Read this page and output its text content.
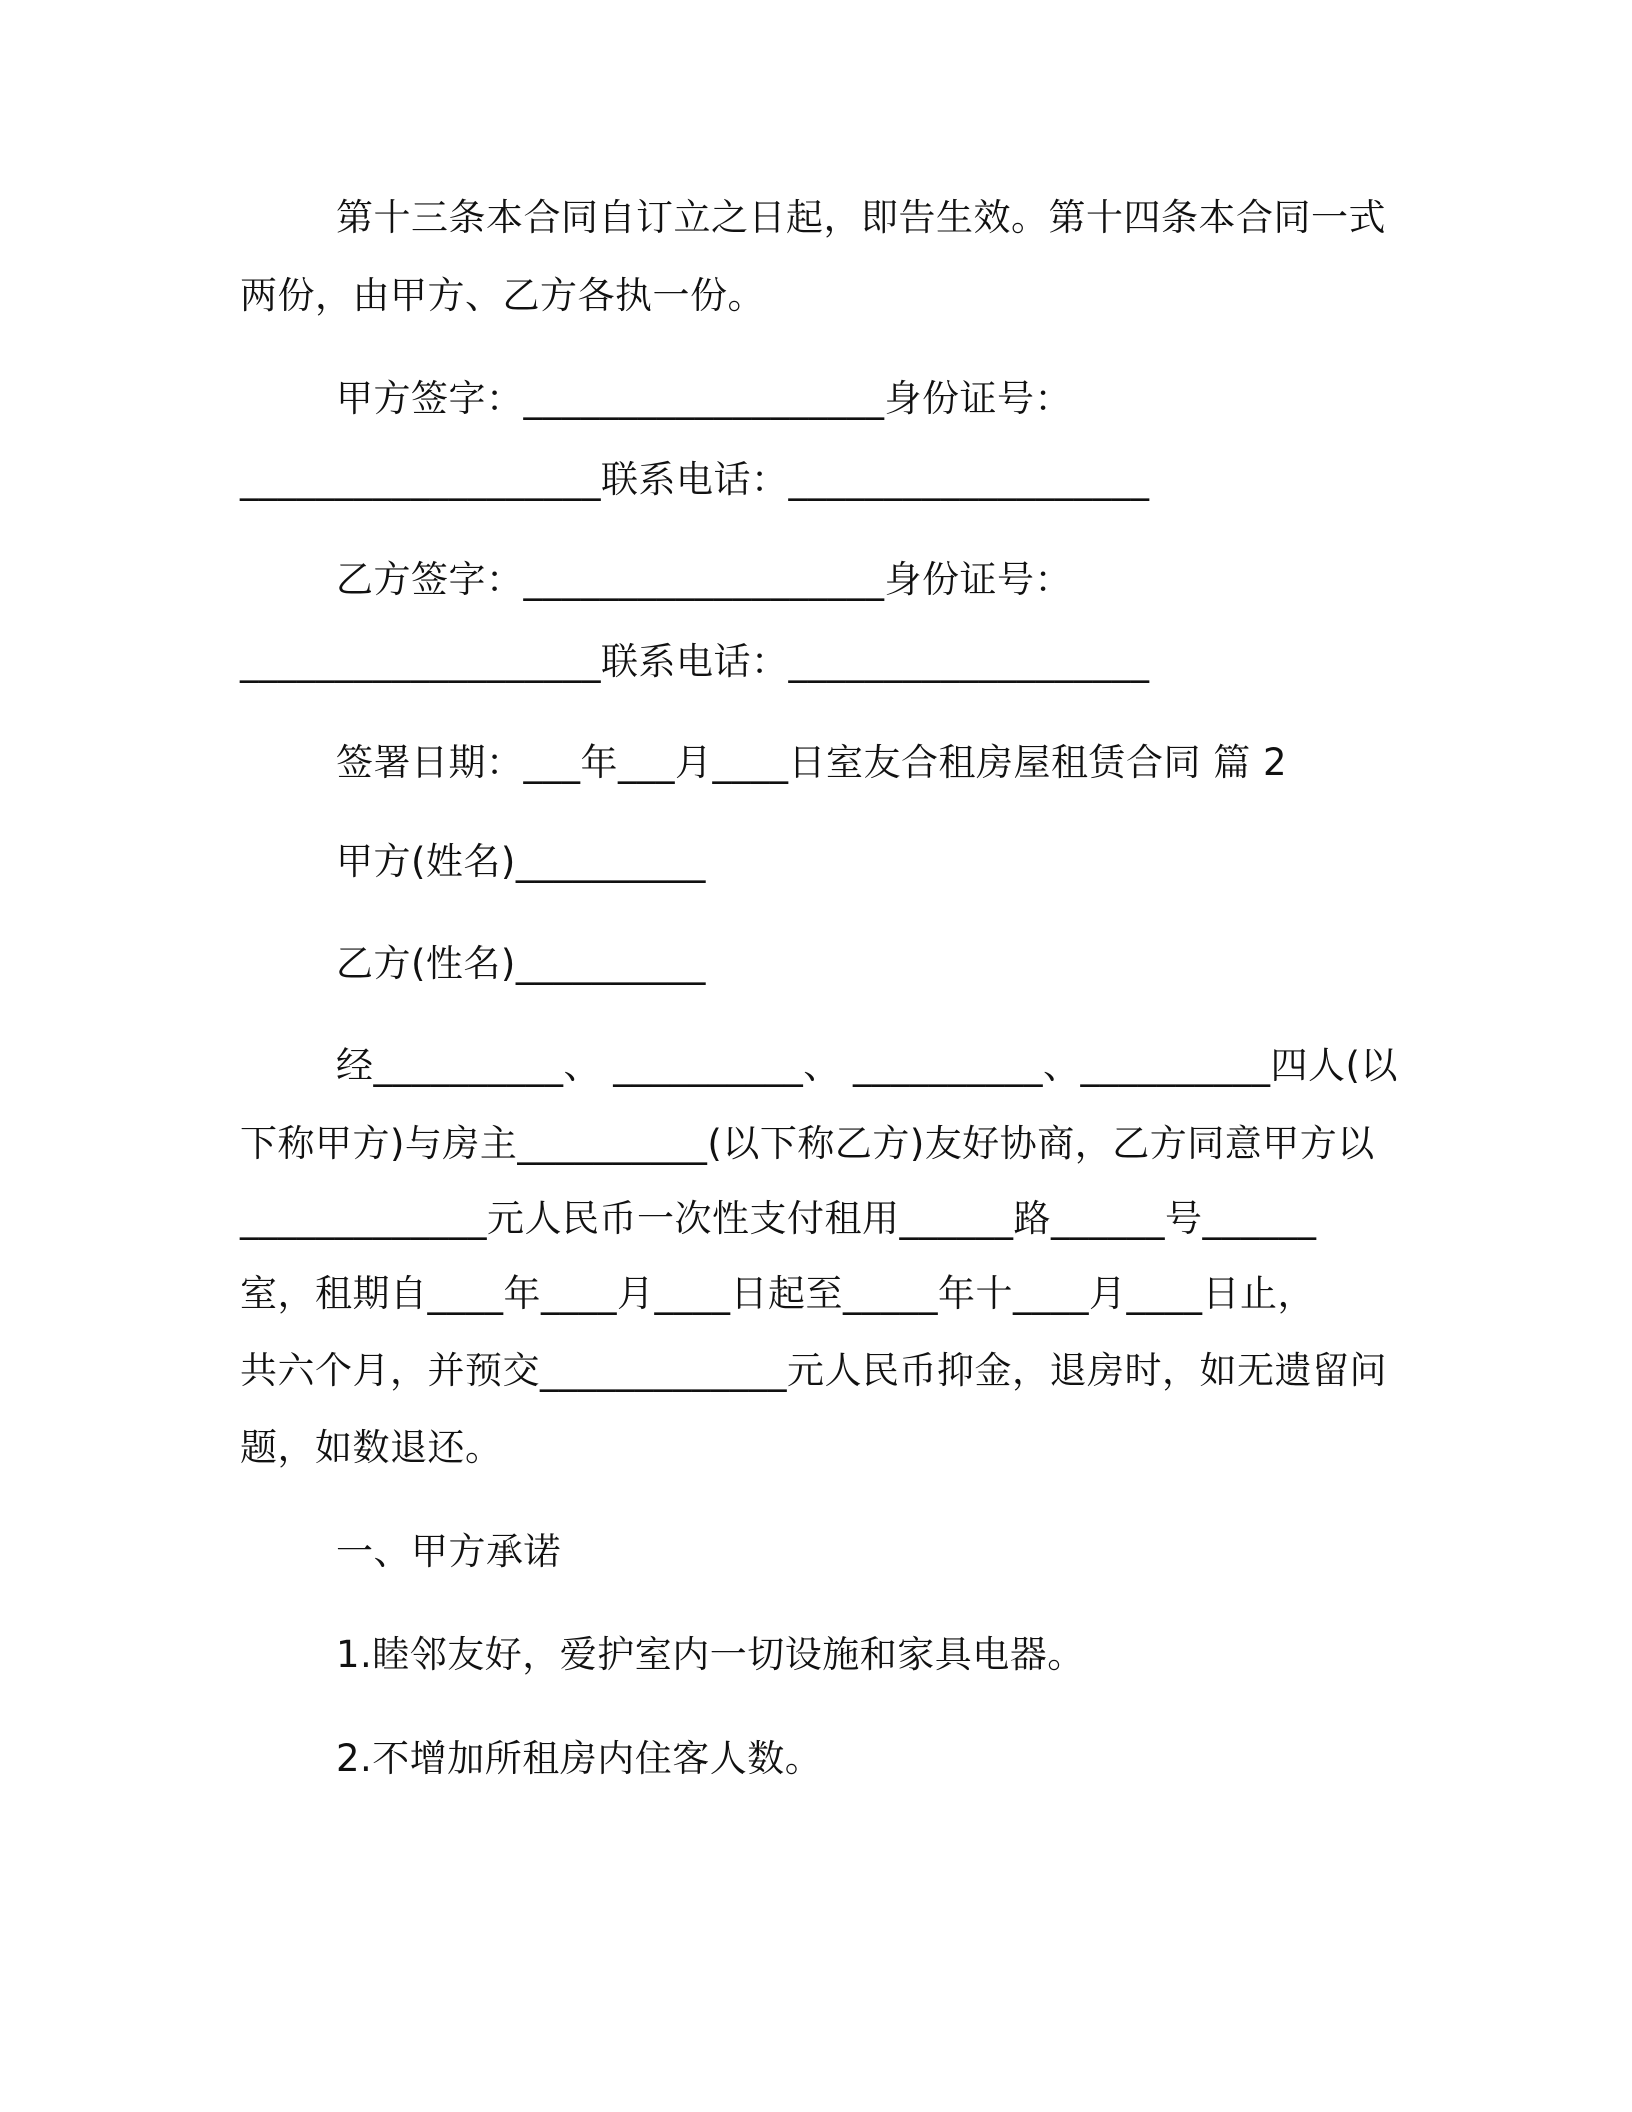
第十三条本合同自订立之日起，即告生效。第十四条本合同一式
两份，由甲方、乙方各执一份。
甲方签字：___________________身份证号：
___________________联系电话：___________________
乙方签字：___________________身份证号：
___________________联系电话：___________________
签署日期：___年___月____日室友合租房屋租赁合同 篇 2
甲方(姓名)__________
乙方(性名)__________
经__________、 __________、 __________、__________四人(以
下称甲方)与房主__________(以下称乙方)友好协商，乙方同意甲方以
_____________元人民币一次性支付租用______路______号______
室，租期自____年____月____日起至_____年十____月____日止，
共六个月，并预交_____________元人民币抑金，退房时，如无遗留问
题，如数退还。
一、甲方承诺
1.睦邻友好，爱护室内一切设施和家具电器。
2.不增加所租房内住客人数。
